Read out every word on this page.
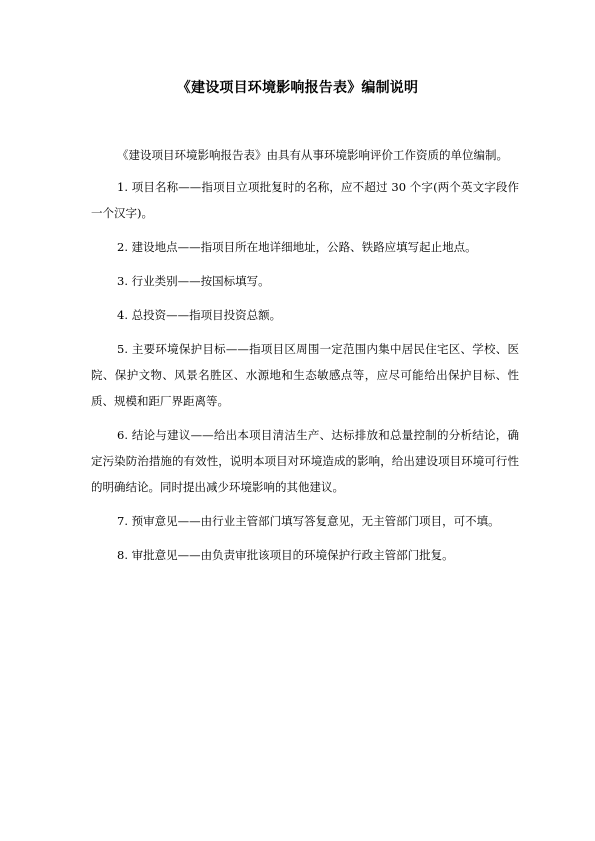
《建设项目环境影响报告表》编制说明

《建设项目环境影响报告表》由具有从事环境影响评价工作资质的单位编制。

1. 项目名称——指项目立项批复时的名称，应不超过 30 个字(两个英文字段作一个汉字)。

2. 建设地点——指项目所在地详细地址，公路、铁路应填写起止地点。

3. 行业类别——按国标填写。

4. 总投资——指项目投资总额。

5. 主要环境保护目标——指项目区周围一定范围内集中居民住宅区、学校、医院、保护文物、风景名胜区、水源地和生态敏感点等，应尽可能给出保护目标、性质、规模和距厂界距离等。

6. 结论与建议——给出本项目清洁生产、达标排放和总量控制的分析结论，确定污染防治措施的有效性，说明本项目对环境造成的影响，给出建设项目环境可行性的明确结论。同时提出减少环境影响的其他建议。

7. 预审意见——由行业主管部门填写答复意见，无主管部门项目，可不填。

8. 审批意见——由负责审批该项目的环境保护行政主管部门批复。
